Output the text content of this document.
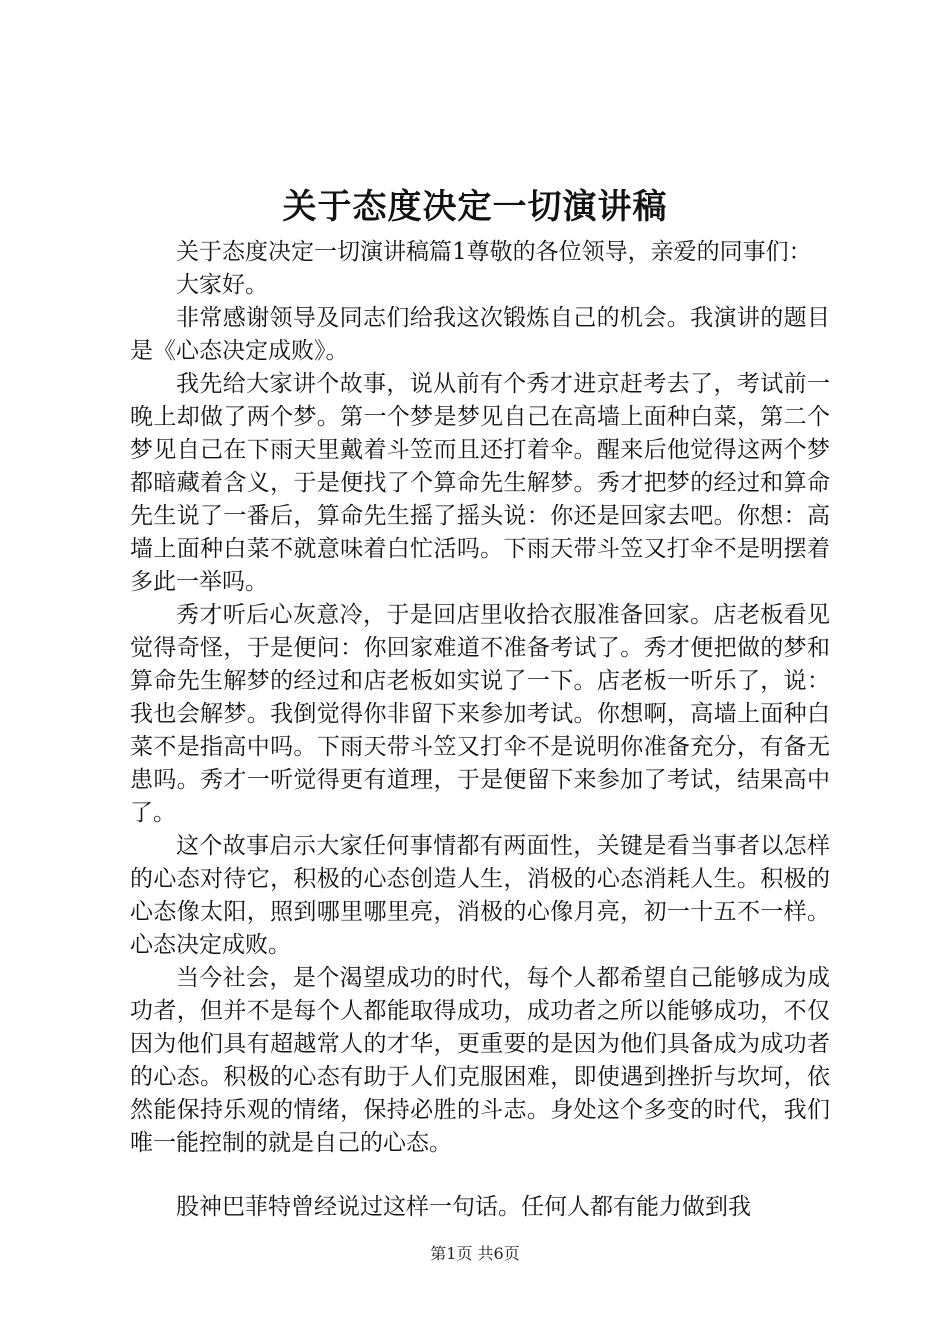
关于态度决定一切演讲稿

关于态度决定一切演讲稿篇1尊敬的各位领导，亲爱的同事们：

大家好。

非常感谢领导及同志们给我这次锻炼自己的机会。我演讲的题目是《心态决定成败》。

我先给大家讲个故事，说从前有个秀才进京赶考去了，考试前一晚上却做了两个梦。第一个梦是梦见自己在高墙上面种白菜，第二个梦见自己在下雨天里戴着斗笠而且还打着伞。醒来后他觉得这两个梦都暗藏着含义，于是便找了个算命先生解梦。秀才把梦的经过和算命先生说了一番后，算命先生摇了摇头说：你还是回家去吧。你想：高墙上面种白菜不就意味着白忙活吗。下雨天带斗笠又打伞不是明摆着多此一举吗。

秀才听后心灰意冷，于是回店里收拾衣服准备回家。店老板看见觉得奇怪，于是便问：你回家难道不准备考试了。秀才便把做的梦和算命先生解梦的经过和店老板如实说了一下。店老板一听乐了，说：我也会解梦。我倒觉得你非留下来参加考试。你想啊，高墙上面种白菜不是指高中吗。下雨天带斗笠又打伞不是说明你准备充分，有备无患吗。秀才一听觉得更有道理，于是便留下来参加了考试，结果高中了。

这个故事启示大家任何事情都有两面性，关键是看当事者以怎样的心态对待它，积极的心态创造人生，消极的心态消耗人生。积极的心态像太阳，照到哪里哪里亮，消极的心像月亮，初一十五不一样。心态决定成败。

当今社会，是个渴望成功的时代，每个人都希望自己能够成为成功者，但并不是每个人都能取得成功，成功者之所以能够成功，不仅因为他们具有超越常人的才华，更重要的是因为他们具备成为成功者的心态。积极的心态有助于人们克服困难，即使遇到挫折与坎坷，依然能保持乐观的情绪，保持必胜的斗志。身处这个多变的时代，我们唯一能控制的就是自己的心态。

股神巴菲特曾经说过这样一句话。任何人都有能力做到我

第1页 共6页
